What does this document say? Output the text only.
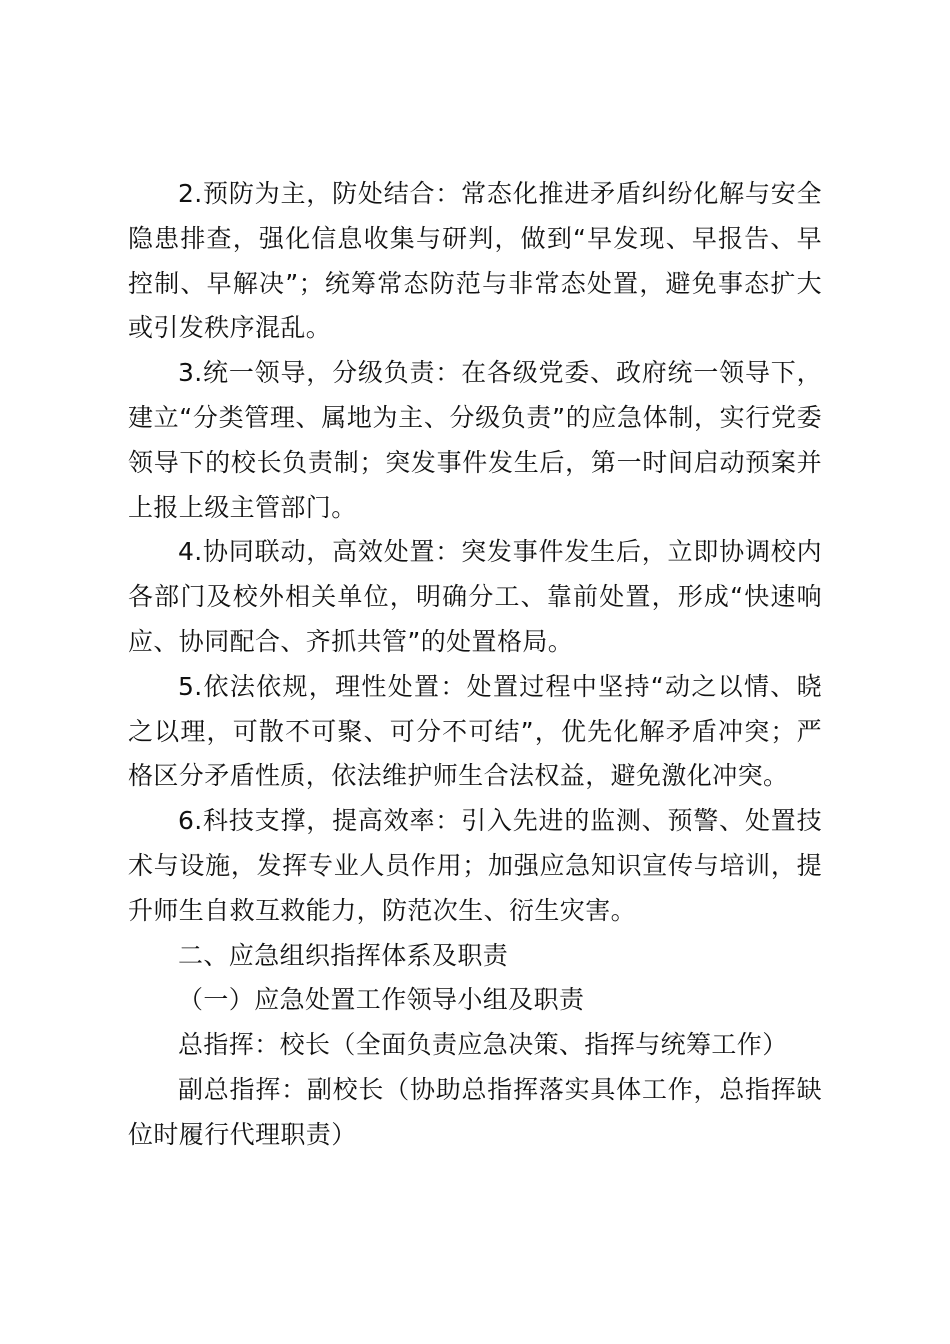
2.预防为主，防处结合：常态化推进矛盾纠纷化解与安全隐患排查，强化信息收集与研判，做到“早发现、早报告、早控制、早解决”；统筹常态防范与非常态处置，避免事态扩大或引发秩序混乱。

3.统一领导，分级负责：在各级党委、政府统一领导下，建立“分类管理、属地为主、分级负责”的应急体制，实行党委领导下的校长负责制；突发事件发生后，第一时间启动预案并上报上级主管部门。

4.协同联动，高效处置：突发事件发生后，立即协调校内各部门及校外相关单位，明确分工、靠前处置，形成“快速响应、协同配合、齐抓共管”的处置格局。

5.依法依规，理性处置：处置过程中坚持“动之以情、晓之以理，可散不可聚、可分不可结”，优先化解矛盾冲突；严格区分矛盾性质，依法维护师生合法权益，避免激化冲突。

6.科技支撑，提高效率：引入先进的监测、预警、处置技术与设施，发挥专业人员作用；加强应急知识宣传与培训，提升师生自救互救能力，防范次生、衍生灾害。

二、应急组织指挥体系及职责

（一）应急处置工作领导小组及职责

总指挥：校长（全面负责应急决策、指挥与统筹工作）

副总指挥：副校长（协助总指挥落实具体工作，总指挥缺位时履行代理职责）
